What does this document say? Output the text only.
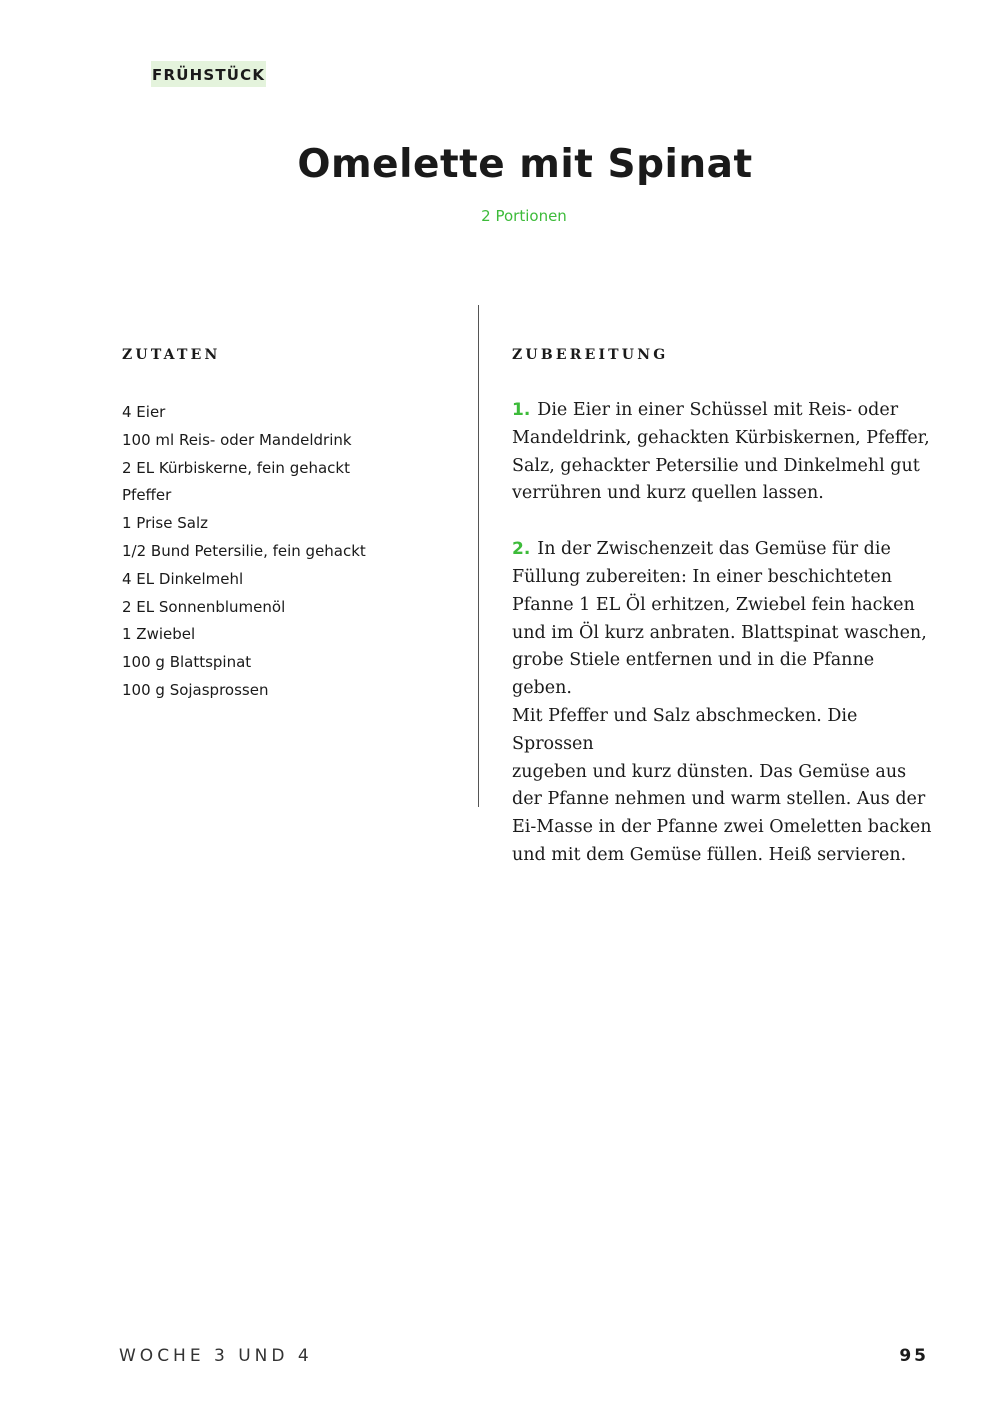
FRÜHSTÜCK
Omelette mit Spinat
2 Portionen
ZUTATEN	ZUBEREITUNG
4 Eier
100 ml Reis- oder Mandeldrink
2 EL Kürbiskerne, fein gehackt
Pfeffer
1 Prise Salz
1/2 Bund Petersilie, fein gehackt
4 EL Dinkelmehl
2 EL Sonnenblumenöl
1 Zwiebel
100 g Blattspinat
100 g Sojasprossen
1. Die Eier in einer Schüssel mit Reis- oder
Mandeldrink, gehackten Kürbiskernen, Pfeffer,
Salz, gehackter Petersilie und Dinkelmehl gut
verrühren und kurz quellen lassen.
2. In der Zwischenzeit das Gemüse für die
Füllung zubereiten: In einer beschichteten
Pfanne 1 EL Öl erhitzen, Zwiebel fein hacken
und im Öl kurz anbraten. Blattspinat waschen,
grobe Stiele entfernen und in die Pfanne geben.
Mit Pfeffer und Salz abschmecken. Die Sprossen
zugeben und kurz dünsten. Das Gemüse aus
der Pfanne nehmen und warm stellen. Aus der
Ei-Masse in der Pfanne zwei Omeletten backen
und mit dem Gemüse füllen. Heiß servieren.
WOCHE 3 UND 4	95
